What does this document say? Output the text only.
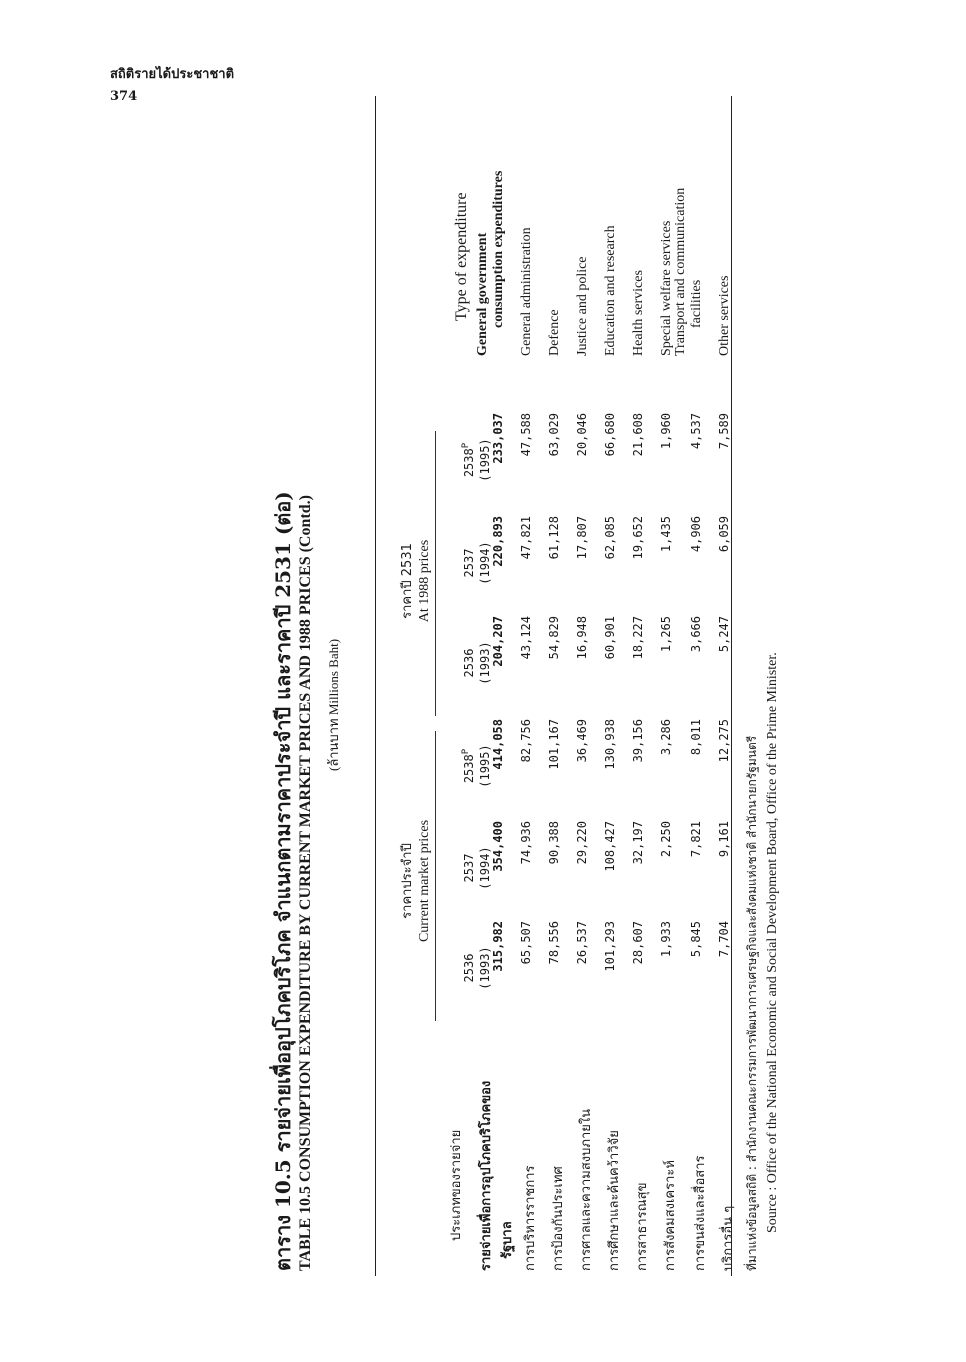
สถิติรายได้ประชาชาติ
374
ตาราง 10.5 รายจ่ายเพื่ออุปโภคบริโภค จำแนกตามราคาประจำปี และราคาปี 2531 (ต่อ) TABLE 10.5 CONSUMPTION EXPENDITURE BY CURRENT MARKET PRICES AND 1988 PRICES (Contd.) (ล้านบาท Millions Baht)
ประเภทของรายจ่าย
Type of expenditure
ราคาประจำปี Current market prices
ราคาปี 2531 At 1988 prices
2536 (1993)
2537 (1994)
$2538^P$ (1995)
2536 (1993)
2537 (1994)
$2538^P$ (1995)
รายจ่ายเพื่อการอุปโภคบริโภคของ รัฐบาล
315,982
354,400
414,058
204,207
220,893
233,037
General government
consumption expenditures
การบริหารราชการ
65,507
74,936
82,756
43,124
47,821
47,588
General administration
การป้องกันประเทศ
78,556
90,388
101,167
54,829
61,128
63,029
Defence
การศาลและความสงบภายใน
26,537
29,220
36,469
16,948
17,807
20,046
Justice and police
การศึกษาและค้นคว้าวิจัย
101,293
108,427
130,938
60,901
62,085
66,680
Education and research
การสาธารณสุข
28,607
32,197
39,156
18,227
19,652
21,608
Health services
การสังคมสงเคราะห์
1,933
2,250
3,286
1,265
1,435
1,960
Special welfare services
การขนส่งและสื่อสาร
5,845
7,821
8,011
3,666
4,906
4,537
Transport and communication
facilities
บริการอื่น ๆ
7,704
9,161
12,275
5,247
6,059
7,589
Other services
ที่มาแห่งข้อมูลสถิติ : สำนักงานคณะกรรมการพัฒนาการเศรษฐกิจและสังคมแห่งชาติ สำนักนายกรัฐมนตรี Source : Office of the National Economic and Social Development Board, Office of the Prime Minister.
